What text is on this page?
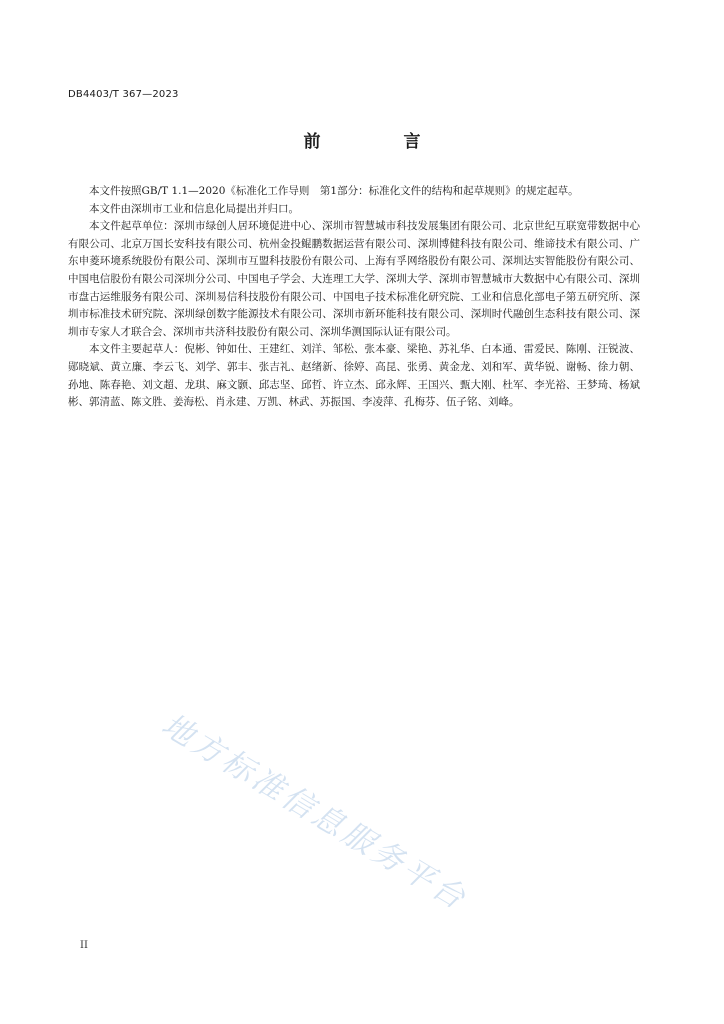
DB4403/T 367—2023
前　言

本文件按照GB/T 1.1—2020《标准化工作导则　第1部分：标准化文件的结构和起草规则》的规定起草。

本文件由深圳市工业和信息化局提出并归口。

本文件起草单位：深圳市绿创人居环境促进中心、深圳市智慧城市科技发展集团有限公司、北京世纪互联宽带数据中心有限公司、北京万国长安科技有限公司、杭州金投鲲鹏数据运营有限公司、深圳博健科技有限公司、维谛技术有限公司、广东申菱环境系统股份有限公司、深圳市互盟科技股份有限公司、上海有孚网络股份有限公司、深圳达实智能股份有限公司、中国电信股份有限公司深圳分公司、中国电子学会、大连理工大学、深圳大学、深圳市智慧城市大数据中心有限公司、深圳市盘古运维服务有限公司、深圳易信科技股份有限公司、中国电子技术标准化研究院、工业和信息化部电子第五研究所、深圳市标准技术研究院、深圳绿创数字能源技术有限公司、深圳市新环能科技有限公司、深圳时代融创生态科技有限公司、深圳市专家人才联合会、深圳市共济科技股份有限公司、深圳华测国际认证有限公司。

本文件主要起草人：倪彬、钟如仕、王建红、刘洋、邹松、张本豪、梁艳、苏礼华、白本通、雷爱民、陈刚、汪锐波、郧晓斌、黄立廉、李云飞、刘学、郭丰、张吉礼、赵绪新、徐婷、高昆、张勇、黄金龙、刘和军、黄华锐、谢畅、徐力朝、孙地、陈春艳、刘文超、龙琪、麻文颢、邱志坚、邱哲、许立杰、邱永辉、王国兴、甄大刚、杜军、李光裕、王梦琦、杨斌彬、郭清蓝、陈文胜、姜海松、肖永建、万凯、林武、苏振国、李凌萍、孔梅芬、伍子铭、刘峰。

地方标准信息服务平台
II
